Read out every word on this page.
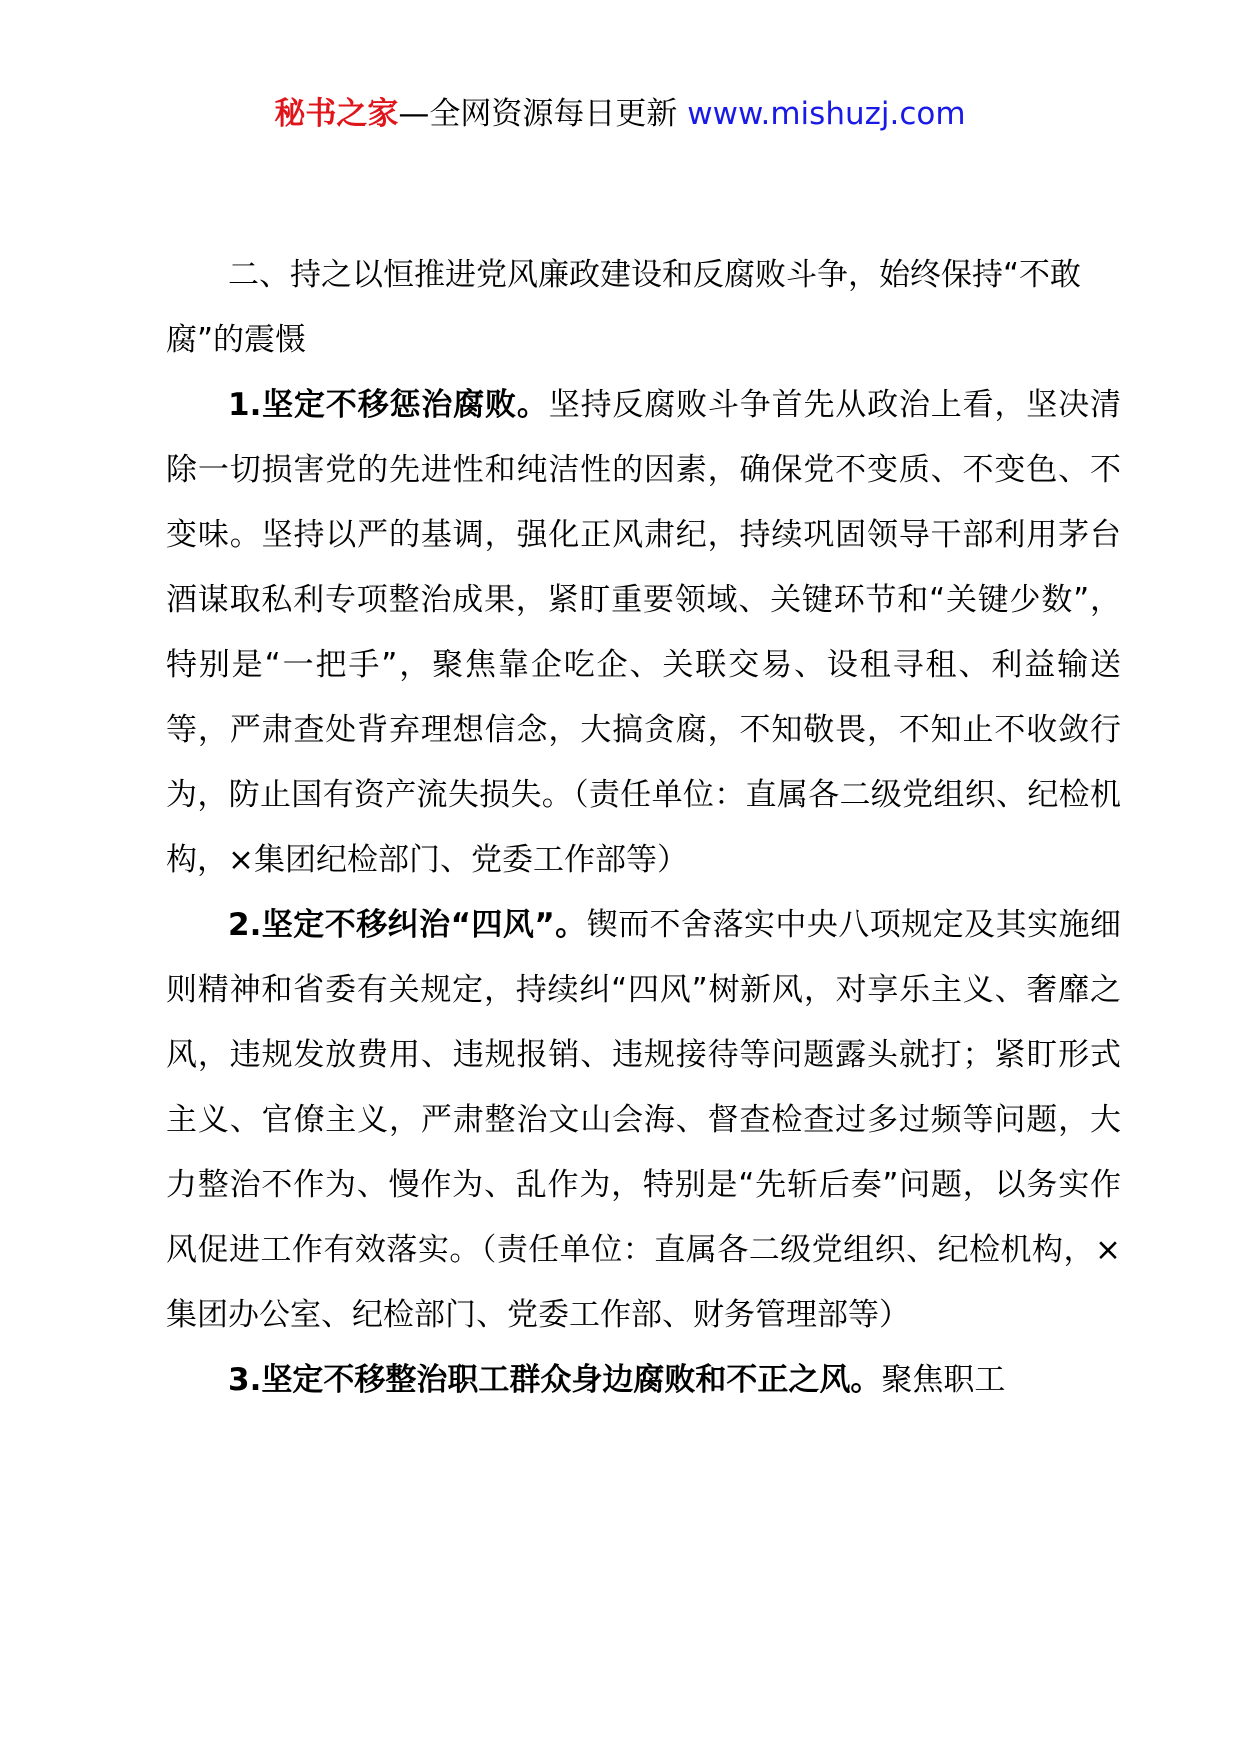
秘书之家—全网资源每日更新 www.mishuzj.com

二、持之以恒推进党风廉政建设和反腐败斗争，始终保持“不敢腐”的震慑

1.坚定不移惩治腐败。坚持反腐败斗争首先从政治上看，坚决清除一切损害党的先进性和纯洁性的因素，确保党不变质、不变色、不变味。坚持以严的基调，强化正风肃纪，持续巩固领导干部利用茅台酒谋取私利专项整治成果，紧盯重要领域、关键环节和“关键少数”，特别是“一把手”，聚焦靠企吃企、关联交易、设租寻租、利益输送等，严肃查处背弃理想信念，大搞贪腐，不知敬畏，不知止不收敛行为，防止国有资产流失损失。（责任单位：直属各二级党组织、纪检机构，×集团纪检部门、党委工作部等）

2.坚定不移纠治“四风”。锲而不舍落实中央八项规定及其实施细则精神和省委有关规定，持续纠“四风”树新风，对享乐主义、奢靡之风，违规发放费用、违规报销、违规接待等问题露头就打；紧盯形式主义、官僚主义，严肃整治文山会海、督查检查过多过频等问题，大力整治不作为、慢作为、乱作为，特别是“先斩后奏”问题，以务实作风促进工作有效落实。（责任单位：直属各二级党组织、纪检机构，×集团办公室、纪检部门、党委工作部、财务管理部等）

3.坚定不移整治职工群众身边腐败和不正之风。聚焦职工
